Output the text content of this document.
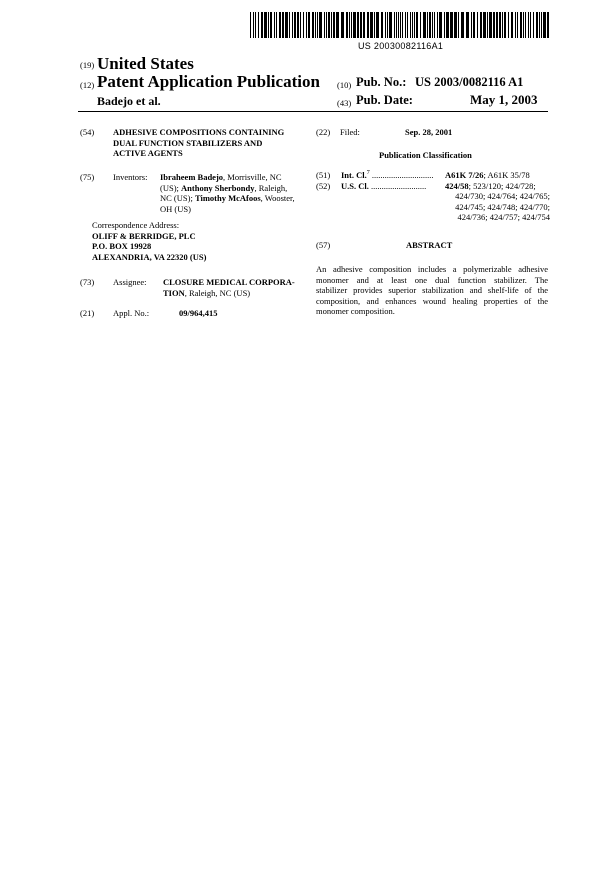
US 20030082116A1
(19) United States
(12) Patent Application Publication (10) Pub. No.: US 2003/0082116 A1
Badejo et al.	(43) Pub. Date:	May 1, 2003
(54) ADHESIVE COMPOSITIONS CONTAINING
DUAL FUNCTION STABILIZERS AND
ACTIVE AGENTS
(75) Inventors: Ibraheem Badejo, Morrisville, NC
(US); Anthony Sherbondy, Raleigh,
NC (US); Timothy McAfoos, Wooster,
OH (US)
Correspondence Address:
OLIFF & BERRIDGE, PLC
P.O. BOX 19928
ALEXANDRIA, VA 22320 (US)
(73) Assignee: CLOSURE MEDICAL CORPORA-
TION, Raleigh, NC (US)
(21) Appl. No.:	09/964,415
(22) Filed:	Sep. 28, 2001
Publication Classification
(51) Int. Cl.$^7$ ............................. A61K 7/26; A61K 35/78
(52) U.S. Cl. .......................... 424/58; 523/120; 424/728;
424/730; 424/764; 424/765;
424/745; 424/748; 424/770;
424/736; 424/757; 424/754
(57)	ABSTRACT
An adhesive composition includes a polymerizable adhesive
monomer and at least one dual function stabilizer. The
stabilizer provides superior stabilization and shelf-life of the
composition, and enhances wound healing properties of the
monomer composition.
